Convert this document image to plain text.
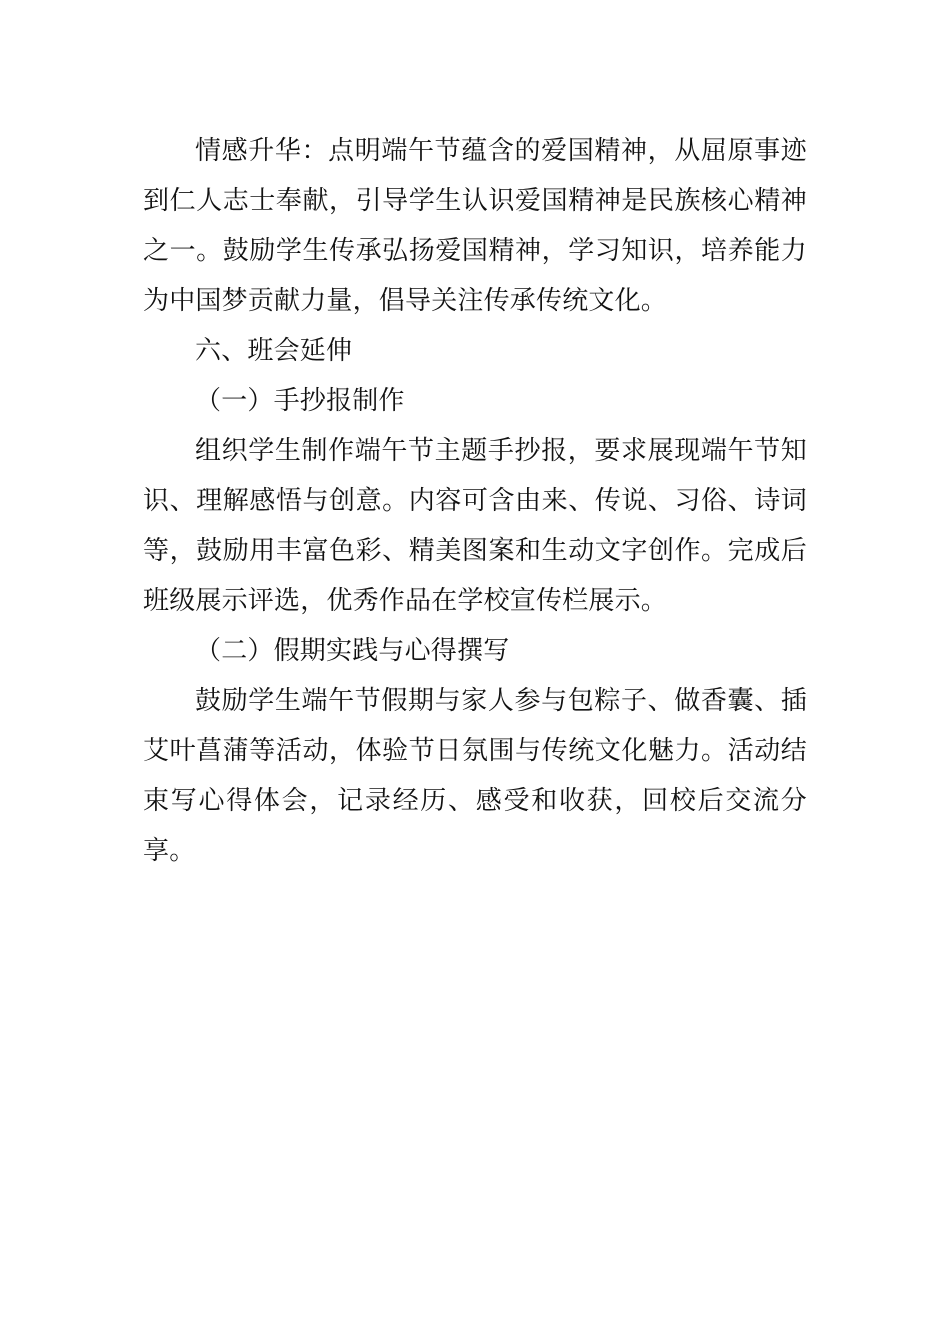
情感升华：点明端午节蕴含的爱国精神，从屈原事迹到仁人志士奉献，引导学生认识爱国精神是民族核心精神之一。鼓励学生传承弘扬爱国精神，学习知识，培养能力为中国梦贡献力量，倡导关注传承传统文化。

六、班会延伸

（一）手抄报制作

组织学生制作端午节主题手抄报，要求展现端午节知识、理解感悟与创意。内容可含由来、传说、习俗、诗词等，鼓励用丰富色彩、精美图案和生动文字创作。完成后班级展示评选，优秀作品在学校宣传栏展示。

（二）假期实践与心得撰写

鼓励学生端午节假期与家人参与包粽子、做香囊、插艾叶菖蒲等活动，体验节日氛围与传统文化魅力。活动结束写心得体会，记录经历、感受和收获，回校后交流分享。
